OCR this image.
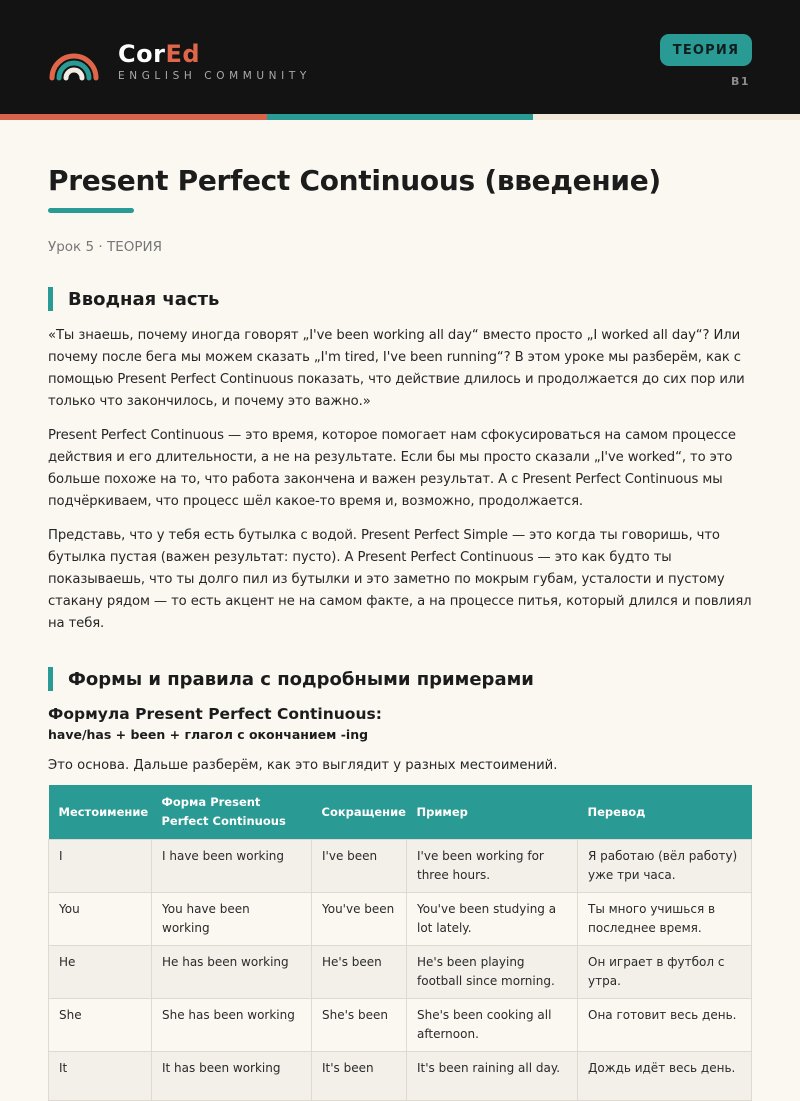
CorEd
ENGLISH COMMUNITY
ТЕОРИЯ
B1
Present Perfect Continuous (введение)
Урок 5 · ТЕОРИЯ
Вводная часть

«Ты знаешь, почему иногда говорят „I've been working all day“ вместо просто „I worked all day“? Или почему после бега мы можем сказать „I'm tired, I've been running“? В этом уроке мы разберём, как с помощью Present Perfect Continuous показать, что действие длилось и продолжается до сих пор или только что закончилось, и почему это важно.»

Present Perfect Continuous — это время, которое помогает нам сфокусироваться на самом процессе действия и его длительности, а не на результате. Если бы мы просто сказали „I've worked“, то это больше похоже на то, что работа закончена и важен результат. А с Present Perfect Continuous мы подчёркиваем, что процесс шёл какое-то время и, возможно, продолжается.

Представь, что у тебя есть бутылка с водой. Present Perfect Simple — это когда ты говоришь, что бутылка пустая (важен результат: пусто). А Present Perfect Continuous — это как будто ты показываешь, что ты долго пил из бутылки и это заметно по мокрым губам, усталости и пустому стакану рядом — то есть акцент не на самом факте, а на процессе питья, который длился и повлиял на тебя.

Формы и правила с подробными примерами
Формула Present Perfect Continuous:
have/has + been + глагол с окончанием -ing
Это основа. Дальше разберём, как это выглядит у разных местоимений.
Местоимение	Форма Present Perfect Continuous	Сокращение	Пример	Перевод
I	I have been working	I've been	I've been working for three hours.	Я работаю (вёл работу) уже три часа.
You	You have been working	You've been	You've been studying a lot lately.	Ты много учишься в последнее время.
He	He has been working	He's been	He's been playing football since morning.	Он играет в футбол с утра.
She	She has been working	She's been	She's been cooking all afternoon.	Она готовит весь день.
It	It has been working	It's been	It's been raining all day.	Дождь идёт весь день.
